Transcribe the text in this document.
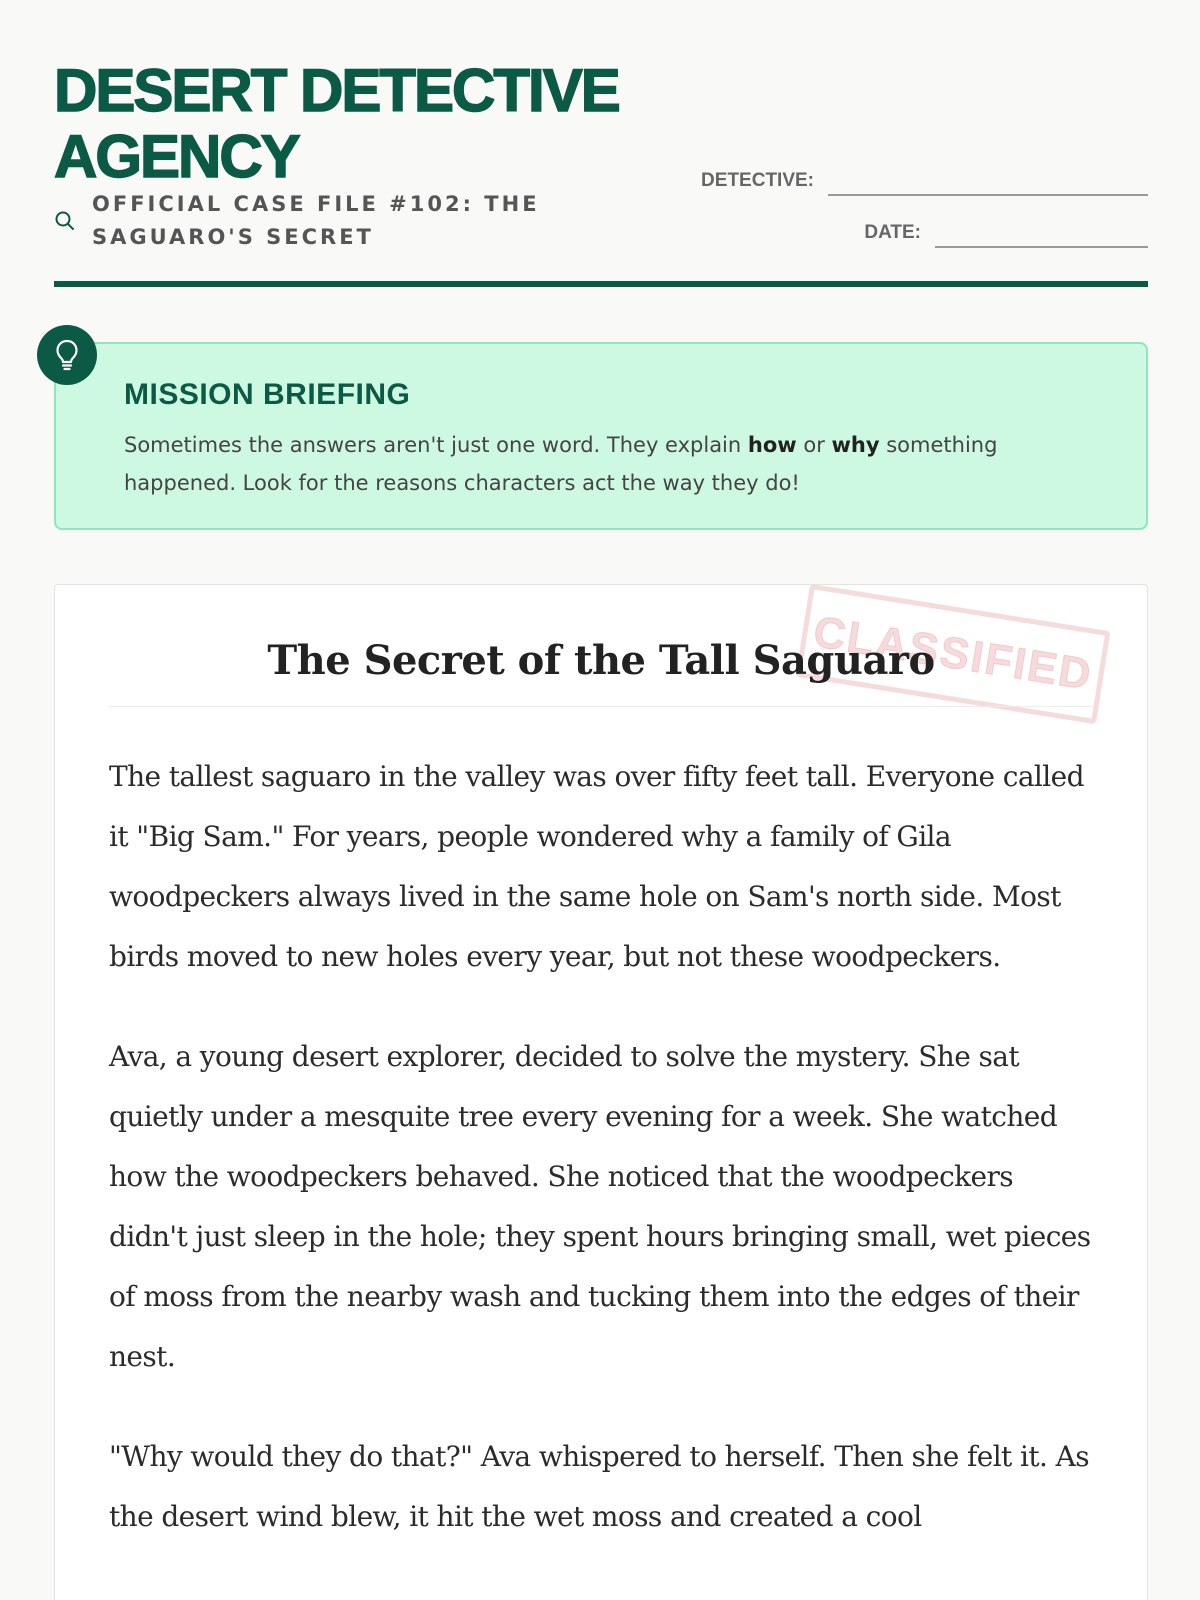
DESERT DETECTIVE AGENCY
OFFICIAL CASE FILE #102: THE SAGUARO'S SECRET
DETECTIVE:
DATE:
MISSION BRIEFING

Sometimes the answers aren't just one word. They explain how or why something happened. Look for the reasons characters act the way they do!

CLASSIFIED
The Secret of the Tall Saguaro

The tallest saguaro in the valley was over fifty feet tall. Everyone called it "Big Sam." For years, people wondered why a family of Gila woodpeckers always lived in the same hole on Sam's north side. Most birds moved to new holes every year, but not these woodpeckers.

Ava, a young desert explorer, decided to solve the mystery. She sat quietly under a mesquite tree every evening for a week. She watched how the woodpeckers behaved. She noticed that the woodpeckers didn't just sleep in the hole; they spent hours bringing small, wet pieces of moss from the nearby wash and tucking them into the edges of their nest.

"Why would they do that?" Ava whispered to herself. Then she felt it. As the desert wind blew, it hit the wet moss and created a cool
